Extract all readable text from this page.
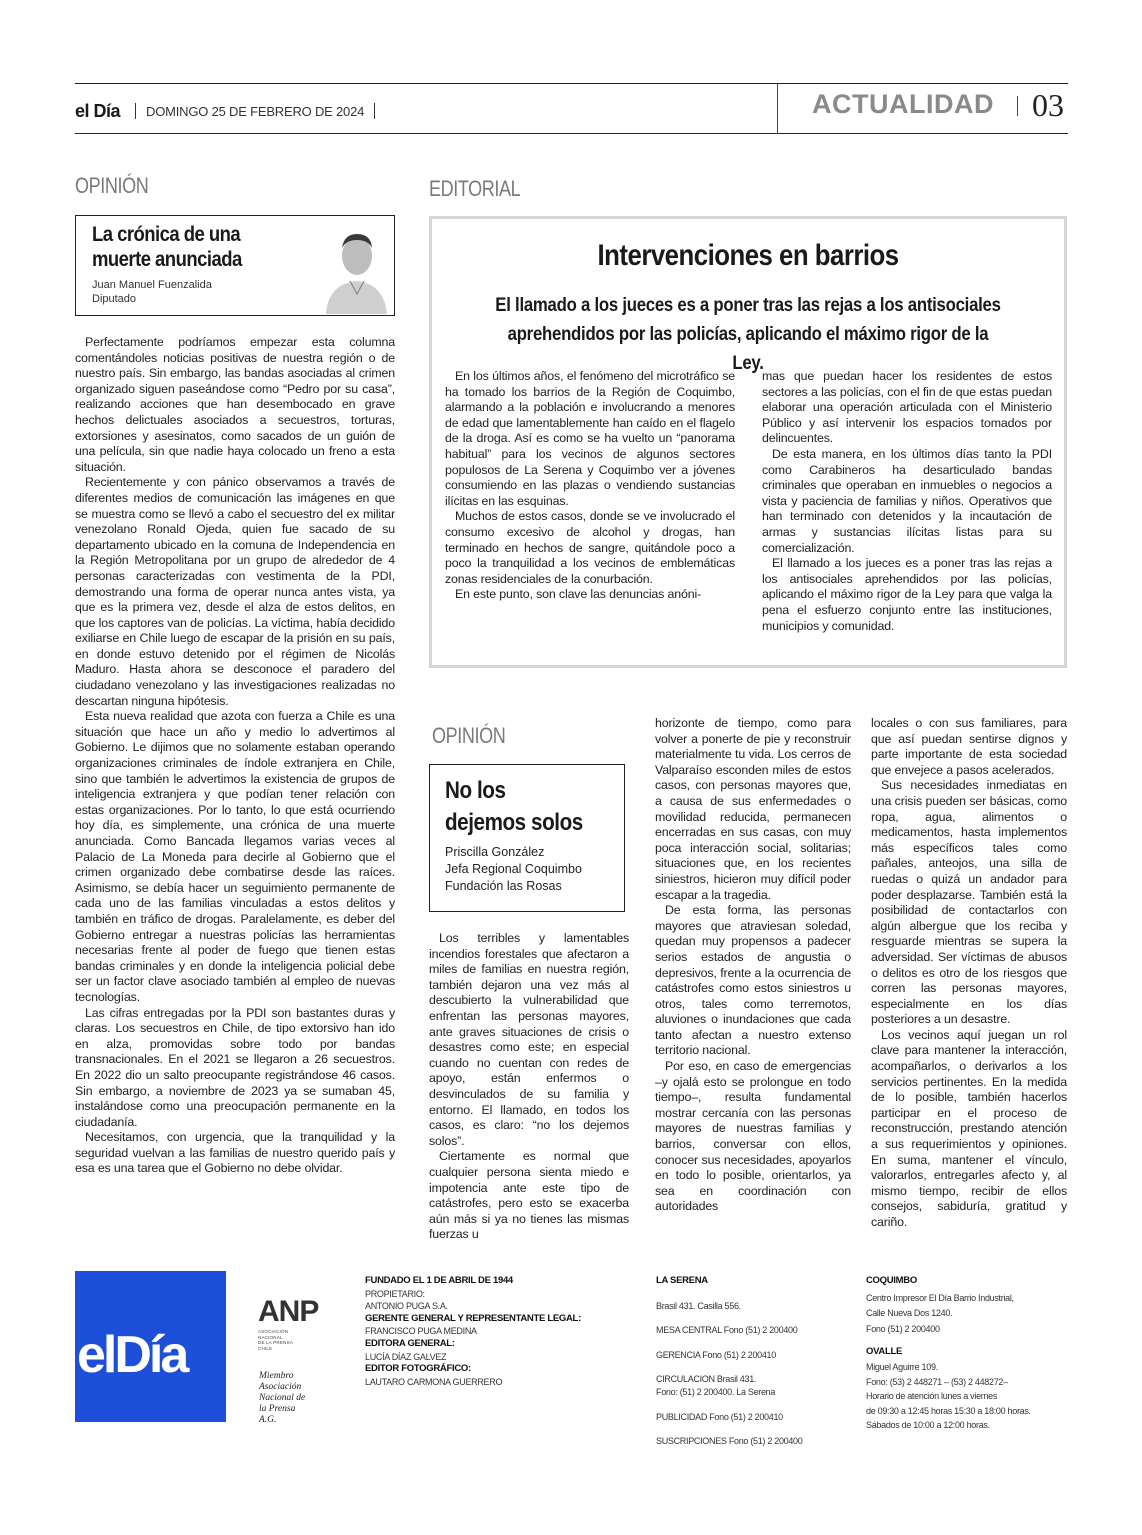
el Día DOMINGO 25 DE FEBRERO DE 2024	ACTUALIDAD 03
OPINIÓN
La crónica de una muerte anunciada
Juan Manuel Fuenzalida
Diputado

Perfectamente podríamos empezar esta columna comentándoles noticias positivas de nuestra región o de nuestro país. Sin embargo, las bandas asociadas al crimen organizado siguen paseándose como “Pedro por su casa”, realizando acciones que han desembocado en grave hechos delictuales asociados a secuestros, torturas, extorsiones y asesinatos, como sacados de un guión de una película, sin que nadie haya colocado un freno a esta situación.

Recientemente y con pánico observamos a través de diferentes medios de comunicación las imágenes en que se muestra como se llevó a cabo el secuestro del ex militar venezolano Ronald Ojeda, quien fue sacado de su departamento ubicado en la comuna de Independencia en la Región Metropolitana por un grupo de alrededor de 4 personas caracterizadas con vestimenta de la PDI, demostrando una forma de operar nunca antes vista, ya que es la primera vez, desde el alza de estos delitos, en que los captores van de policías. La víctima, había decidido exiliarse en Chile luego de escapar de la prisión en su país, en donde estuvo detenido por el régimen de Nicolás Maduro. Hasta ahora se desconoce el paradero del ciudadano venezolano y las investigaciones realizadas no descartan ninguna hipótesis.

Esta nueva realidad que azota con fuerza a Chile es una situación que hace un año y medio lo advertimos al Gobierno. Le dijimos que no solamente estaban operando organizaciones criminales de índole extranjera en Chile, sino que también le advertimos la existencia de grupos de inteligencia extranjera y que podían tener relación con estas organizaciones. Por lo tanto, lo que está ocurriendo hoy día, es simplemente, una crónica de una muerte anunciada. Como Bancada llegamos varias veces al Palacio de La Moneda para decirle al Gobierno que el crimen organizado debe combatirse desde las raíces. Asimismo, se debía hacer un seguimiento permanente de cada uno de las familias vinculadas a estos delitos y también en tráfico de drogas. Paralelamente, es deber del Gobierno entregar a nuestras policías las herramientas necesarias frente al poder de fuego que tienen estas bandas criminales y en donde la inteligencia policial debe ser un factor clave asociado también al empleo de nuevas tecnologías.

Las cifras entregadas por la PDI son bastantes duras y claras. Los secuestros en Chile, de tipo extorsivo han ido en alza, promovidas sobre todo por bandas transnacionales. En el 2021 se llegaron a 26 secuestros. En 2022 dio un salto preocupante registrándose 46 casos. Sin embargo, a noviembre de 2023 ya se sumaban 45, instalándose como una preocupación permanente en la ciudadanía.

Necesitamos, con urgencia, que la tranquilidad y la seguridad vuelvan a las familias de nuestro querido país y esa es una tarea que el Gobierno no debe olvidar.

EDITORIAL
Intervenciones en barrios
El llamado a los jueces es a poner tras las rejas a los antisociales aprehendidos por las policías, aplicando el máximo rigor de la Ley.

En los últimos años, el fenómeno del microtráfico se ha tomado los barrios de la Región de Coquimbo, alarmando a la población e involucrando a menores de edad que lamentablemente han caído en el flagelo de la droga. Así es como se ha vuelto un “panorama habitual” para los vecinos de algunos sectores populosos de La Serena y Coquimbo ver a jóvenes consumiendo en las plazas o vendiendo sustancias ilícitas en las esquinas.

Muchos de estos casos, donde se ve involucrado el consumo excesivo de alcohol y drogas, han terminado en hechos de sangre, quitándole poco a poco la tranquilidad a los vecinos de emblemáticas zonas residenciales de la conurbación.

En este punto, son clave las denuncias anóni-

mas que puedan hacer los residentes de estos sectores a las policías, con el fin de que estas puedan elaborar una operación articulada con el Ministerio Público y así intervenir los espacios tomados por delincuentes.

De esta manera, en los últimos días tanto la PDI como Carabineros ha desarticulado bandas criminales que operaban en inmuebles o negocios a vista y paciencia de familias y niños. Operativos que han terminado con detenidos y la incautación de armas y sustancias ilícitas listas para su comercialización.

El llamado a los jueces es a poner tras las rejas a los antisociales aprehendidos por las policías, aplicando el máximo rigor de la Ley para que valga la pena el esfuerzo conjunto entre las instituciones, municipios y comunidad.

OPINIÓN
No los dejemos solos
Priscilla González
Jefa Regional Coquimbo
Fundación las Rosas

Los terribles y lamentables incendios forestales que afectaron a miles de familias en nuestra región, también dejaron una vez más al descubierto la vulnerabilidad que enfrentan las personas mayores, ante graves situaciones de crisis o desastres como este; en especial cuando no cuentan con redes de apoyo, están enfermos o desvinculados de su familia y entorno. El llamado, en todos los casos, es claro: “no los dejemos solos”.

Ciertamente es normal que cualquier persona sienta miedo e impotencia ante este tipo de catástrofes, pero esto se exacerba aún más si ya no tienes las mismas fuerzas u

horizonte de tiempo, como para volver a ponerte de pie y reconstruir materialmente tu vida. Los cerros de Valparaíso esconden miles de estos casos, con personas mayores que, a causa de sus enfermedades o movilidad reducida, permanecen encerradas en sus casas, con muy poca interacción social, solitarias; situaciones que, en los recientes siniestros, hicieron muy difícil poder escapar a la tragedia.

De esta forma, las personas mayores que atraviesan soledad, quedan muy propensos a padecer serios estados de angustia o depresivos, frente a la ocurrencia de catástrofes como estos siniestros u otros, tales como terremotos, aluviones o inundaciones que cada tanto afectan a nuestro extenso territorio nacional.

Por eso, en caso de emergencias –y ojalá esto se prolongue en todo tiempo–, resulta fundamental mostrar cercanía con las personas mayores de nuestras familias y barrios, conversar con ellos, conocer sus necesidades, apoyarlos en todo lo posible, orientarlos, ya sea en coordinación con autoridades

locales o con sus familiares, para que así puedan sentirse dignos y parte importante de esta sociedad que envejece a pasos acelerados.

Sus necesidades inmediatas en una crisis pueden ser básicas, como ropa, agua, alimentos o medicamentos, hasta implementos más específicos tales como pañales, anteojos, una silla de ruedas o quizá un andador para poder desplazarse. También está la posibilidad de contactarlos con algún albergue que los reciba y resguarde mientras se supera la adversidad. Ser víctimas de abusos o delitos es otro de los riesgos que corren las personas mayores, especialmente en los días posteriores a un desastre.

Los vecinos aquí juegan un rol clave para mantener la interacción, acompañarlos, o derivarlos a los servicios pertinentes. En la medida de lo posible, también hacerlos participar en el proceso de reconstrucción, prestando atención a sus requerimientos y opiniones. En suma, mantener el vínculo, valorarlos, entregarles afecto y, al mismo tiempo, recibir de ellos consejos, sabiduría, gratitud y cariño.

elDía
ANP
ASOCIACIÓN
NACIONAL
DE LA PRENSA
CHILE
Miembro
Asociación
Nacional de
la Prensa
A.G.
FUNDADO EL 1 DE ABRIL DE 1944
PROPIETARIO:
ANTONIO PUGA S.A.
GERENTE GENERAL Y REPRESENTANTE LEGAL:
FRANCISCO PUGA MEDINA
EDITORA GENERAL:
LUCÍA DÍAZ GALVEZ
EDITOR FOTOGRÁFICO:
LAUTARO CARMONA GUERRERO
LA SERENA
Brasil 431. Casilla 556.
MESA CENTRAL Fono (51) 2 200400
GERENCIA Fono (51) 2 200410
CIRCULACION Brasil 431.
Fono: (51) 2 200400. La Serena
PUBLICIDAD Fono (51) 2 200410
SUSCRIPCIONES Fono (51) 2 200400
COQUIMBO
Centro Impresor El Día Barrio Industrial,
Calle Nueva Dos 1240.
Fono (51) 2 200400
OVALLE
Miguel Aguirre 109.
Fono: (53) 2 448271 – (53) 2 448272–
Horario de atención lunes a viernes
de 09:30 a 12:45 horas 15:30 a 18:00 horas.
Sábados de 10:00 a 12:00 horas.
